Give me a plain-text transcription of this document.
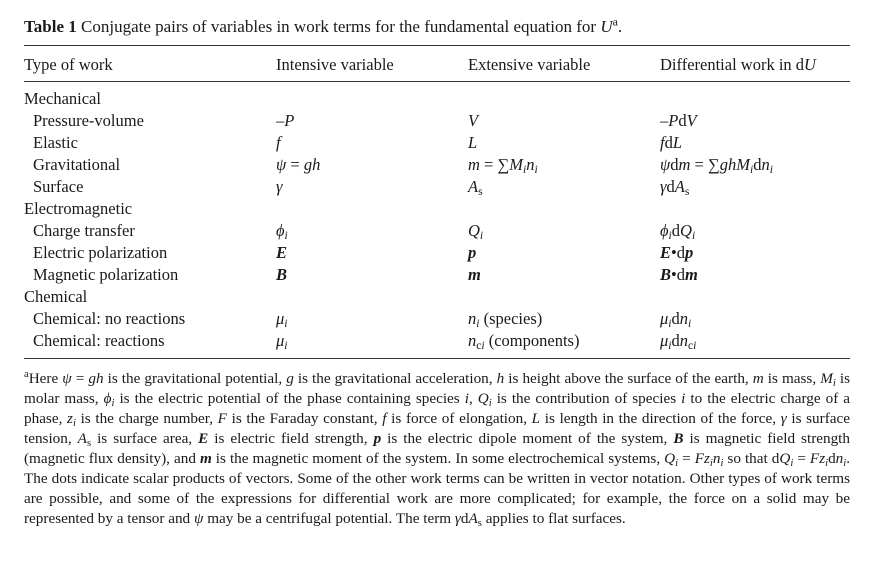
Table 1 Conjugate pairs of variables in work terms for the fundamental equation for $U^a$.
Type of work	Intensive variable	Extensive variable	Differential work in dU
Mechanical
Pressure-volume	–P	V	–PdV
Elastic	f	L	fdL
Gravitational	ψ = gh	$m = \sum M_in_i$	$\psi dm = \sum ghM_idn_i$
Surface	γ	$A_s$	γdA$_s$
Electromagnetic
Charge transfer	$\phi_i$	$Q_i$	$\phi_idQ_i$
Electric polarization	E	p	E•dp
Magnetic polarization	B	m	B•dm
Chemical
Chemical: no reactions	$\mu_i$	$n_i$ (species)	$\mu_idn_i$
Chemical: reactions	$\mu_i$	$n_{ci}$ (components)	$\mu_idn_{ci}$
$^a$Here ψ = gh is the gravitational potential, g is the gravitational acceleration, h is height above the surface of the earth, m is mass, $M_i$ is molar mass, $\phi_i$ is the electric potential of the phase containing species i, $Q_i$ is the contribution of species i to the electric charge of a phase, $z_i$ is the charge number, F is the Faraday constant, f is force of elongation, L is length in the direction of the force, γ is surface tension, $A_s$ is surface area, E is electric field strength, p is the electric dipole moment of the system, B is magnetic field strength (magnetic flux density), and m is the magnetic moment of the system. In some electrochemical systems, $Q_i = Fz_in_i$ so that $dQ_i = Fz_idn_i$. The dots indicate scalar products of vectors. Some of the other work terms can be written in vector notation. Other types of work terms are possible, and some of the expressions for differential work are more complicated; for example, the force on a solid may be represented by a tensor and ψ may be a centrifugal potential. The term γdA$_s$ applies to flat surfaces.
